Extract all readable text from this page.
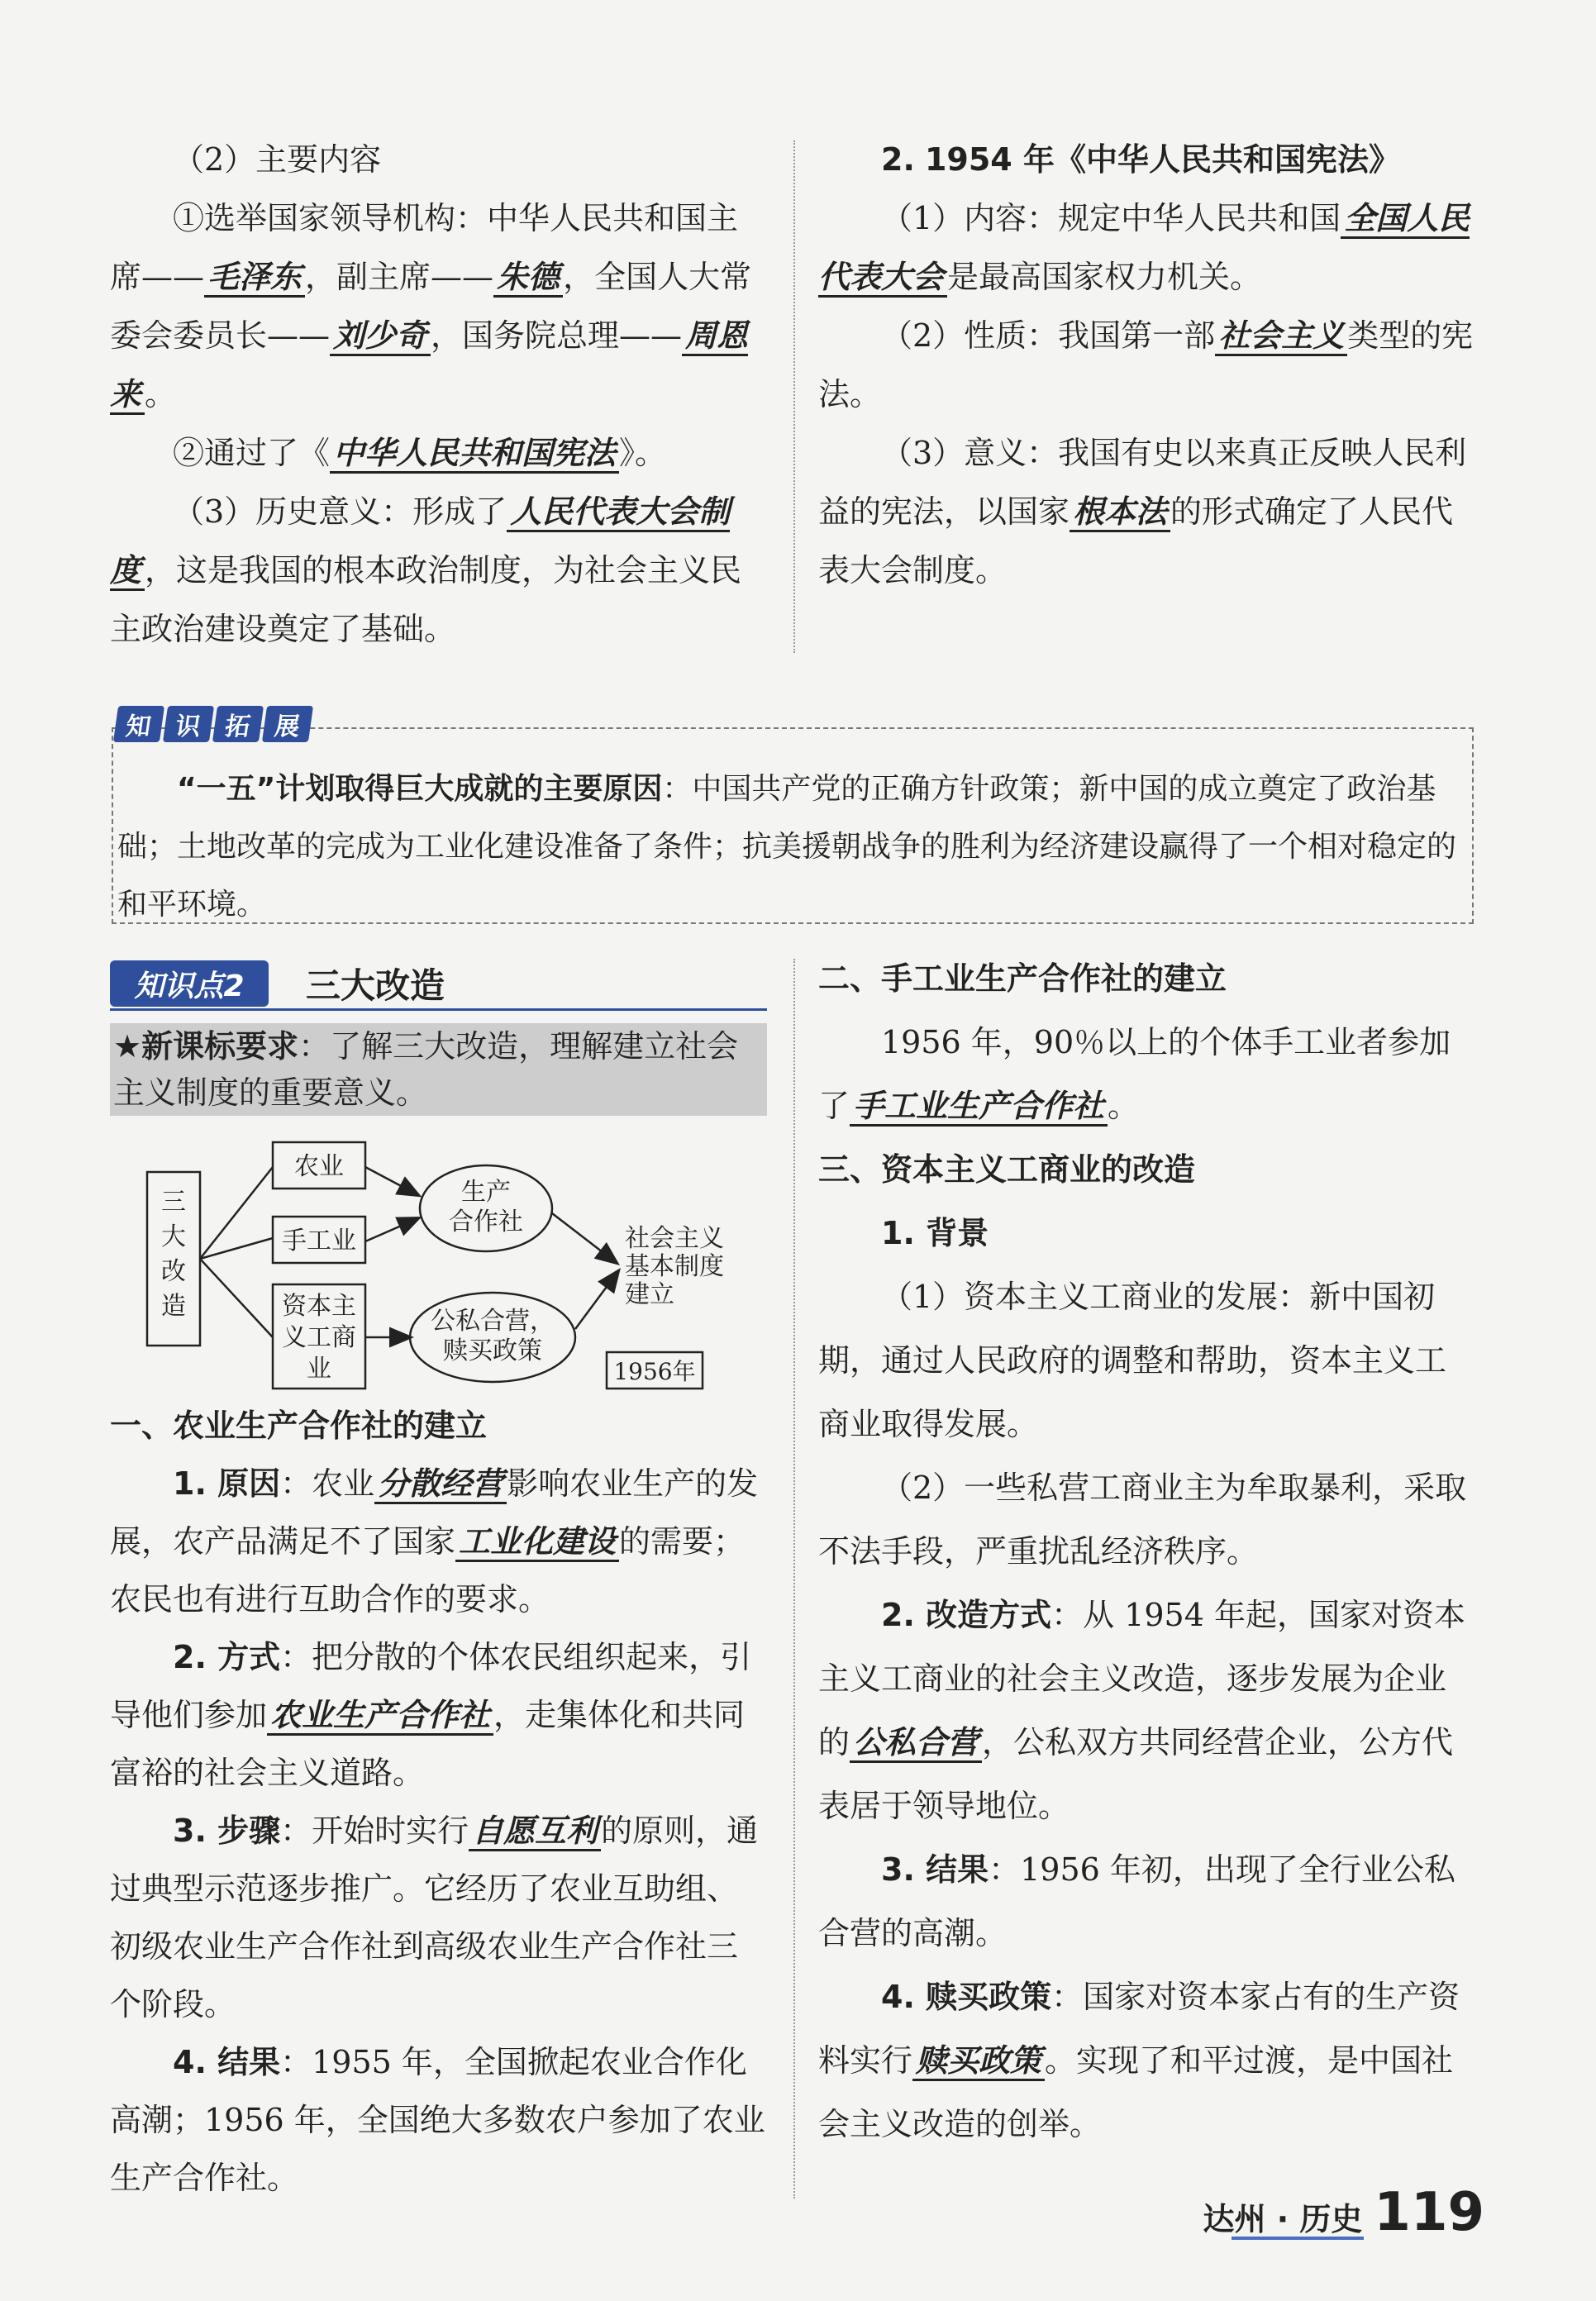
（2）主要内容

①选举国家领导机构：中华人民共和国主席—— 毛泽东 ，副主席—— 朱德 ，全国人大常委会委员长—— 刘少奇 ，国务院总理—— 周恩来 。

②通过了《 中华人民共和国宪法 》。

（3）历史意义：形成了 人民代表大会制度 ，这是我国的根本政治制度，为社会主义民主政治建设奠定了基础。

2. 1954 年《中华人民共和国宪法》

（1）内容：规定中华人民共和国 全国人民代表大会 是最高国家权力机关。

（2）性质：我国第一部 社会主义 类型的宪法。

（3）意义：我国有史以来真正反映人民利益的宪法，以国家 根本法 的形式确定了人民代表大会制度。

知 识 拓 展
“一五”计划取得巨大成就的主要原因：中国共产党的正确方针政策；新中国的成立奠定了政治基础；土地改革的完成为工业化建设准备了条件；抗美援朝战争的胜利为经济建设赢得了一个相对稳定的和平环境。
知识点2	三大改造
★新课标要求：了解三大改造，理解建立社会主义制度的重要意义。
三
大
改
造
农业
手工业
资本主
义工商
业
生产
合作社
公私合营，
赎买政策
社会主义
基本制度
建立
1956年

一、农业生产合作社的建立

1. 原因：农业 分散经营 影响农业生产的发展，农产品满足不了国家 工业化建设 的需要；农民也有进行互助合作的要求。

2. 方式：把分散的个体农民组织起来，引导他们参加 农业生产合作社 ，走集体化和共同富裕的社会主义道路。

3. 步骤：开始时实行 自愿互利 的原则，通过典型示范逐步推广。它经历了农业互助组、初级农业生产合作社到高级农业生产合作社三个阶段。

4. 结果：1955 年，全国掀起农业合作化高潮；1956 年，全国绝大多数农户参加了农业生产合作社。

二、手工业生产合作社的建立

1956 年，90％以上的个体手工业者参加了 手工业生产合作社 。

三、资本主义工商业的改造

1. 背景

（1）资本主义工商业的发展：新中国初期，通过人民政府的调整和帮助，资本主义工商业取得发展。

（2）一些私营工商业主为牟取暴利，采取不法手段，严重扰乱经济秩序。

2. 改造方式：从 1954 年起，国家对资本主义工商业的社会主义改造，逐步发展为企业的 公私合营 ，公私双方共同经营企业，公方代表居于领导地位。

3. 结果：1956 年初，出现了全行业公私合营的高潮。

4. 赎买政策：国家对资本家占有的生产资料实行 赎买政策 。实现了和平过渡，是中国社会主义改造的创举。

达州 · 历史 119
